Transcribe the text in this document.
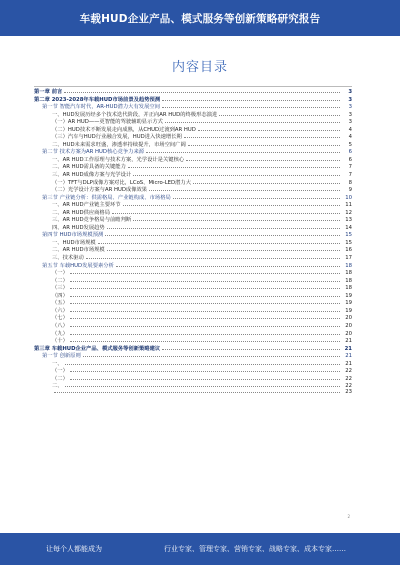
车载HUD企业产品、模式服务等创新策略研究报告
内容目录
第一章 前言	3
第二章 2023-2028年车载HUD市场前景及趋势预测	3
第一节 智能汽车时代，AR-HUD潜力大有发展空间	3
一、HUD发展历经多个技术迭代阶段，并正向AR HUD的终极形态演进	3
（一）AR HUD——更智能的驾驶辅助显示方式	3
（二）HUD技术不断发展走向成熟，从CHUD过渡到AR HUD	4
（三）汽车与HUD行业融合发展，HUD进入快速增长期	4
二、HUD未来需求旺盛，渗透率持续提升，市场空间广阔	5
第二节 技术方案为AR HUD核心竞争力来源	6
一、AR HUD工作原理与技术方案，光学设计是关键核心	6
二、AR HUD需具备的关键能力	7
三、AR HUD成像方案与光学设计	7
（一）TFT与DLP成像方案对比，LCoS、Micro-LED潜力大	8
（二）光学设计方案与AR HUD成像效果	9
第三节 产业链分析：供需格局、产业链构成、市场格局	10
一、AR HUD产业链主要环节	11
二、AR HUD供应商格局	12
三、AR HUD竞争格局与前瞻判断	13
四、AR HUD发展趋势	14
第四节 HUD市场规模预测	15
一、HUD市场规模	15
二、AR HUD市场规模	16
三、技术驱动	17
第五节 车载HUD发展要素分析	18
（一）	18
（二）	18
（三）	18
（四）	19
（五）	19
（六）	19
（七）	20
（八）	20
（九）	20
（十）	21
第三章 车载HUD企业产品、模式服务等创新策略建议	21
第一节 创新原则	21
一、	21
（一）	22
（二）	22
二、	22
23
2
让每个人都能成为	行业专家、管理专家、营销专家、战略专家、成本专家……
